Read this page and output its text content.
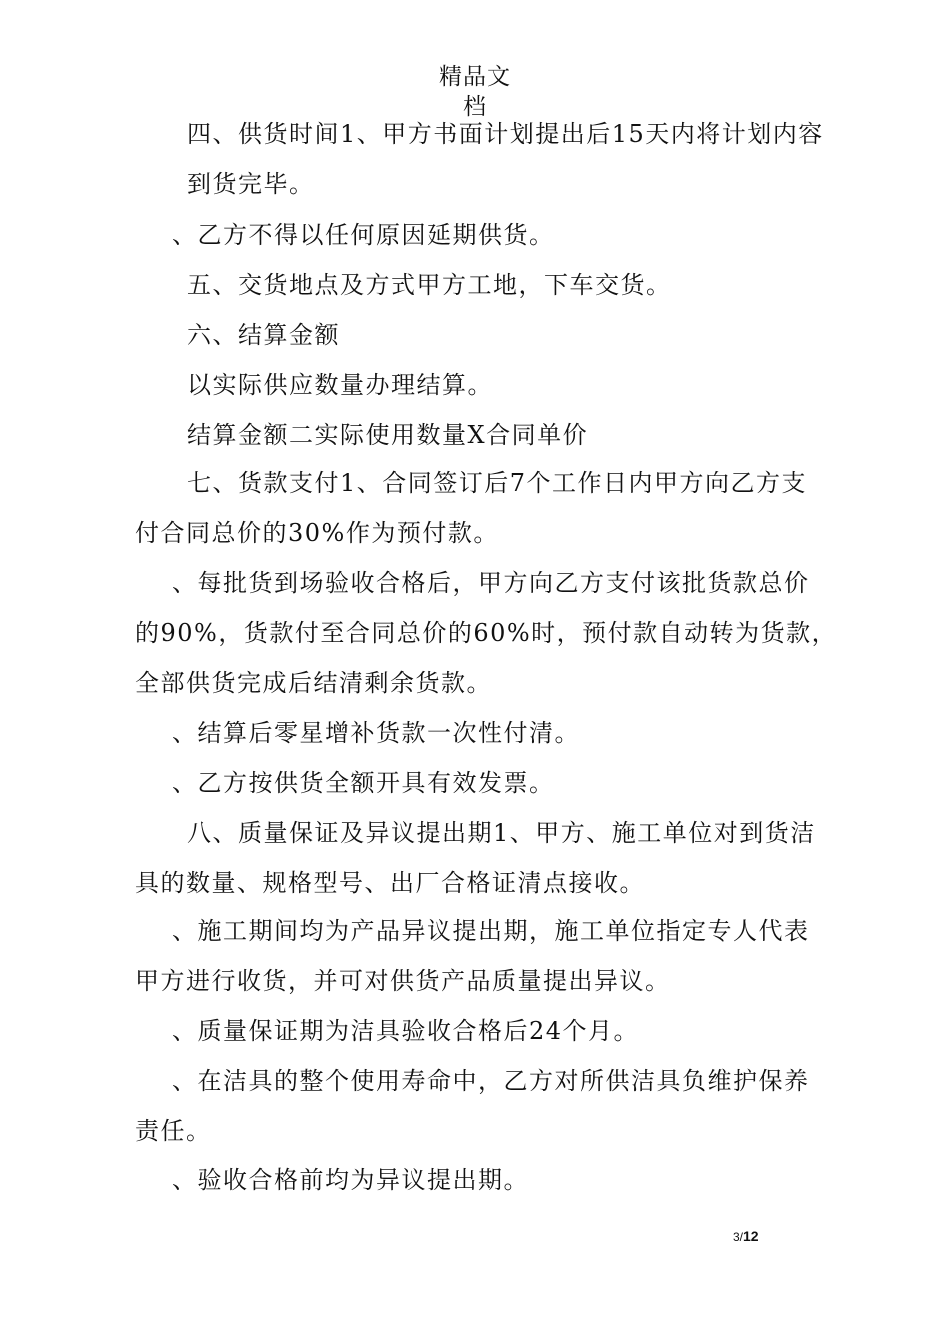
精品文
档
四、供货时间1、甲方书面计划提出后15天内将计划内容
到货完毕。
、乙方不得以任何原因延期供货。
五、交货地点及方式甲方工地，下车交货。
六、结算金额
以实际供应数量办理结算。
结算金额二实际使用数量X合同单价
七、货款支付1、合同签订后7个工作日内甲方向乙方支
付合同总价的30%作为预付款。
、每批货到场验收合格后，甲方向乙方支付该批货款总价
的90%，货款付至合同总价的60%时，预付款自动转为货款，
全部供货完成后结清剩余货款。
、结算后零星增补货款一次性付清。
、乙方按供货全额开具有效发票。
八、质量保证及异议提出期1、甲方、施工单位对到货洁
具的数量、规格型号、出厂合格证清点接收。
、施工期间均为产品异议提出期，施工单位指定专人代表
甲方进行收货，并可对供货产品质量提出异议。
、质量保证期为洁具验收合格后24个月。
、在洁具的整个使用寿命中，乙方对所供洁具负维护保养
责任。
、验收合格前均为异议提出期。
3/12
